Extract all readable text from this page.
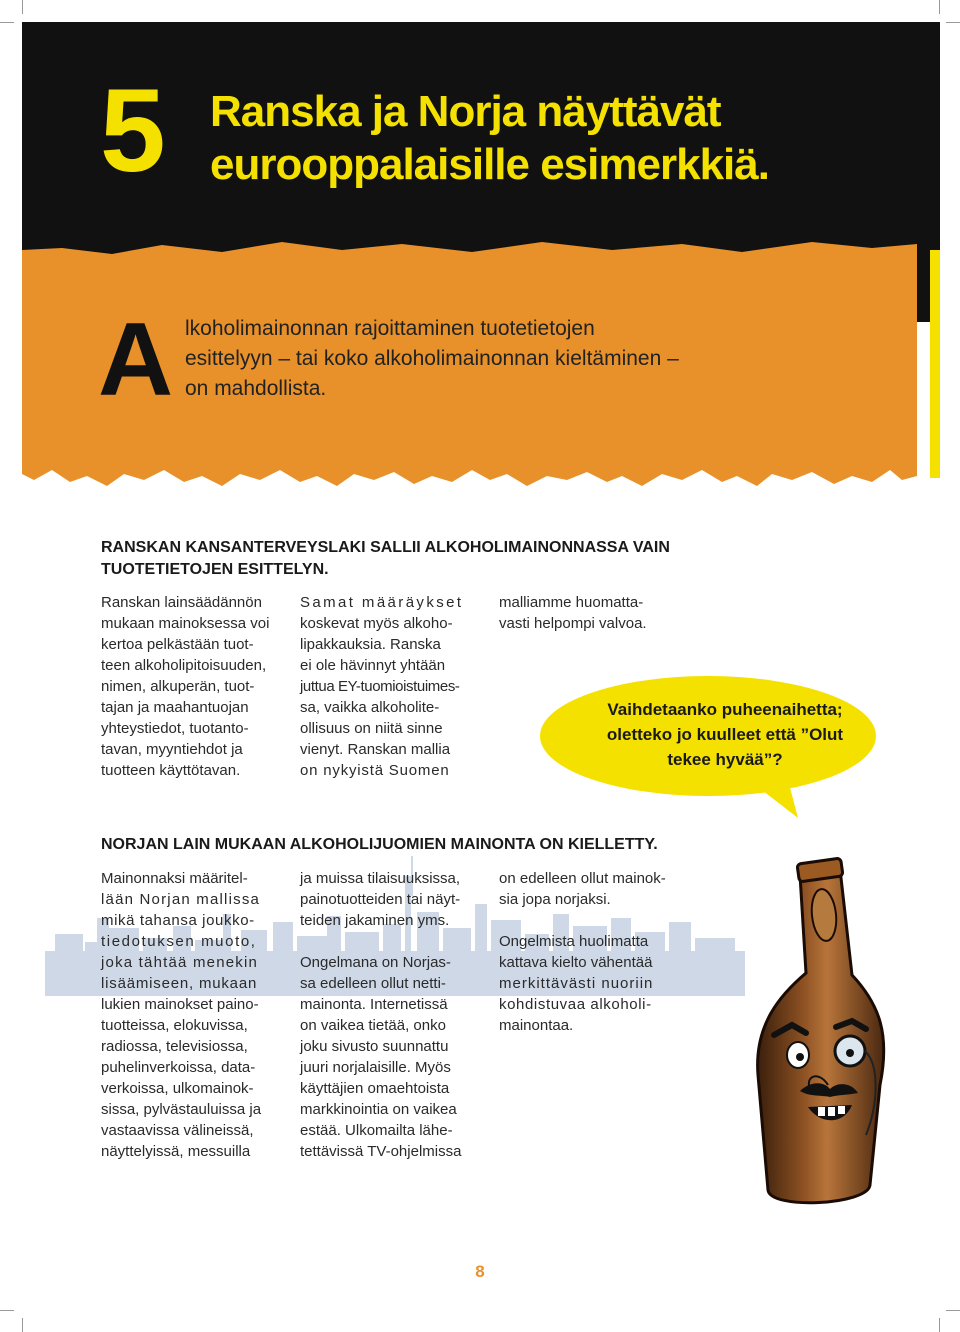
5 Ranska ja Norja näyttävät
eurooppalaisille esimerkkiä.
A lkoholimainonnan rajoittaminen tuotetietojen
esittelyyn – tai koko alkoholimainonnan kieltäminen –
on mahdollista.
RANSKAN KANSANTERVEYSLAKI SALLII ALKOHOLIMAINONNASSA VAIN
TUOTETIETOJEN ESITTELYN.
Ranskan lainsäädännön
mukaan mainoksessa voi
kertoa pelkästään tuot-
teen alkoholipitoisuuden,
nimen, alkuperän, tuot-
tajan ja maahantuojan
yhteystiedot, tuotanto-
tavan, myyntiehdot ja
tuotteen käyttötavan.
Samat määräykset
koskevat myös alkoho-
lipakkauksia. Ranska
ei ole hävinnyt yhtään
juttua EY-tuomioistuimes-
sa, vaikka alkoholite-
ollisuus on niitä sinne
vienyt. Ranskan mallia
on nykyistä Suomen
malliamme huomatta-
vasti helpompi valvoa.
Vaihdetaanko puheenaihetta;
oletteko jo kuulleet että ”Olut
tekee hyvää”?
NORJAN LAIN MUKAAN ALKOHOLIJUOMIEN MAINONTA ON KIELLETTY.
Mainonnaksi määritel-
lään Norjan mallissa
mikä tahansa joukko-
tiedotuksen muoto,
joka tähtää menekin
lisäämiseen, mukaan
lukien mainokset paino-
tuotteissa, elokuvissa,
radiossa, televisiossa,
puhelinverkoissa, data-
verkoissa, ulkomainok-
sissa, pylvästauluissa ja
vastaavissa välineissä,
näyttelyissä, messuilla

ja muissa tilaisuuksissa,
painotuotteiden tai näyt-
teiden jakaminen yms.

Ongelmana on Norjas-
sa edelleen ollut netti-
mainonta. Internetissä
on vaikea tietää, onko
joku sivusto suunnattu
juuri norjalaisille. Myös
käyttäjien omaehtoista
markkinointia on vaikea
estää. Ulkomailta lähe-
tettävissä TV-ohjelmissa

on edelleen ollut mainok-
sia jopa norjaksi.

Ongelmista huolimatta
kattava kielto vähentää
merkittävästi nuoriin
kohdistuvaa alkoholi-
mainontaa.

8
